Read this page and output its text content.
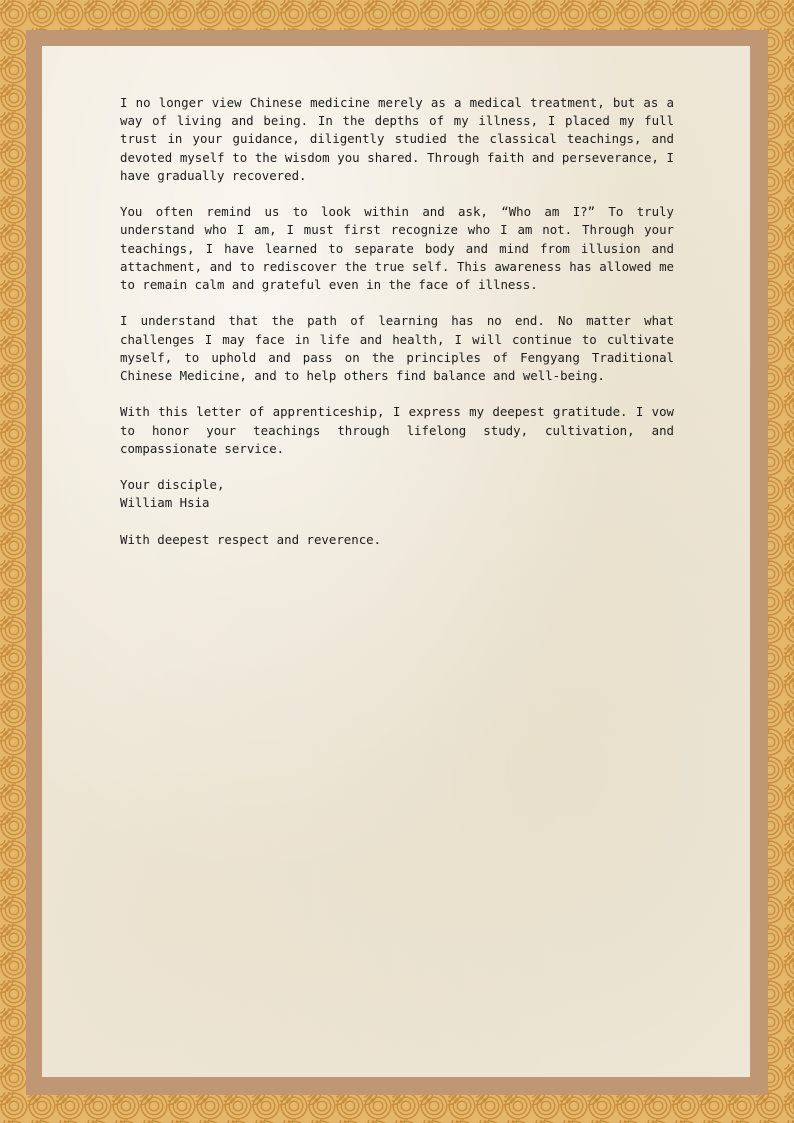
I no longer view Chinese medicine merely as a medical treatment, but as a way of living and being. In the depths of my illness, I placed my full trust in your guidance, diligently studied the classical teachings, and devoted myself to the wisdom you shared. Through faith and perseverance, I have gradually recovered.

You often remind us to look within and ask, “Who am I?” To truly understand who I am, I must first recognize who I am not. Through your teachings, I have learned to separate body and mind from illusion and attachment, and to rediscover the true self. This awareness has allowed me to remain calm and grateful even in the face of illness.

I understand that the path of learning has no end. No matter what challenges I may face in life and health, I will continue to cultivate myself, to uphold and pass on the principles of Fengyang Traditional Chinese Medicine, and to help others find balance and well-being.

With this letter of apprenticeship, I express my deepest gratitude. I vow to honor your teachings through lifelong study, cultivation, and compassionate service.

Your disciple,
William Hsia

With deepest respect and reverence.
